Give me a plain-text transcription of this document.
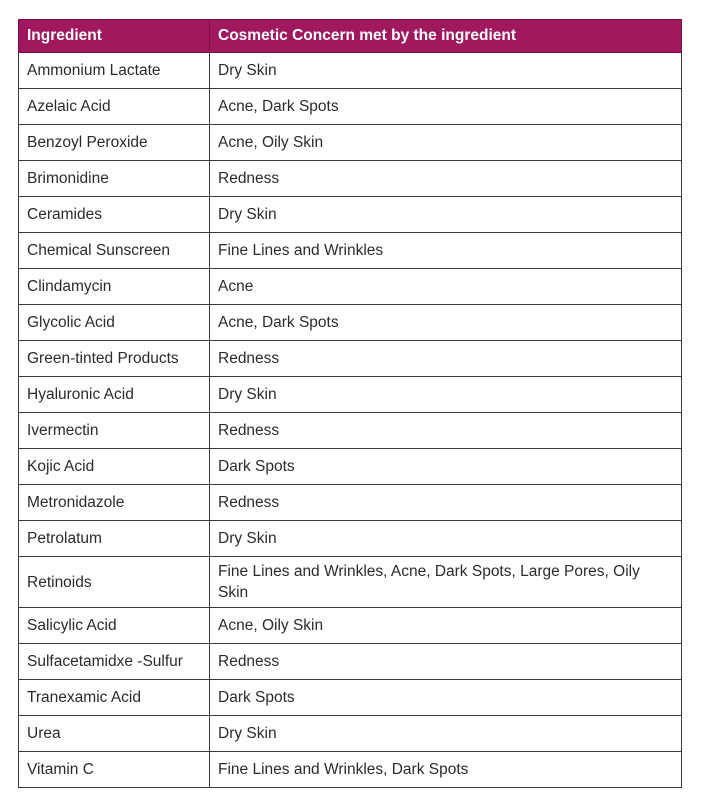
Ingredient	Cosmetic Concern met by the ingredient
Ammonium Lactate	Dry Skin
Azelaic Acid	Acne, Dark Spots
Benzoyl Peroxide	Acne, Oily Skin
Brimonidine	Redness
Ceramides	Dry Skin
Chemical Sunscreen	Fine Lines and Wrinkles
Clindamycin	Acne
Glycolic Acid	Acne, Dark Spots
Green-tinted Products	Redness
Hyaluronic Acid	Dry Skin
Ivermectin	Redness
Kojic Acid	Dark Spots
Metronidazole	Redness
Petrolatum	Dry Skin
Retinoids	Fine Lines and Wrinkles, Acne, Dark Spots, Large Pores, Oily Skin
Salicylic Acid	Acne, Oily Skin
Sulfacetamidxe -Sulfur	Redness
Tranexamic Acid	Dark Spots
Urea	Dry Skin
Vitamin C	Fine Lines and Wrinkles, Dark Spots
